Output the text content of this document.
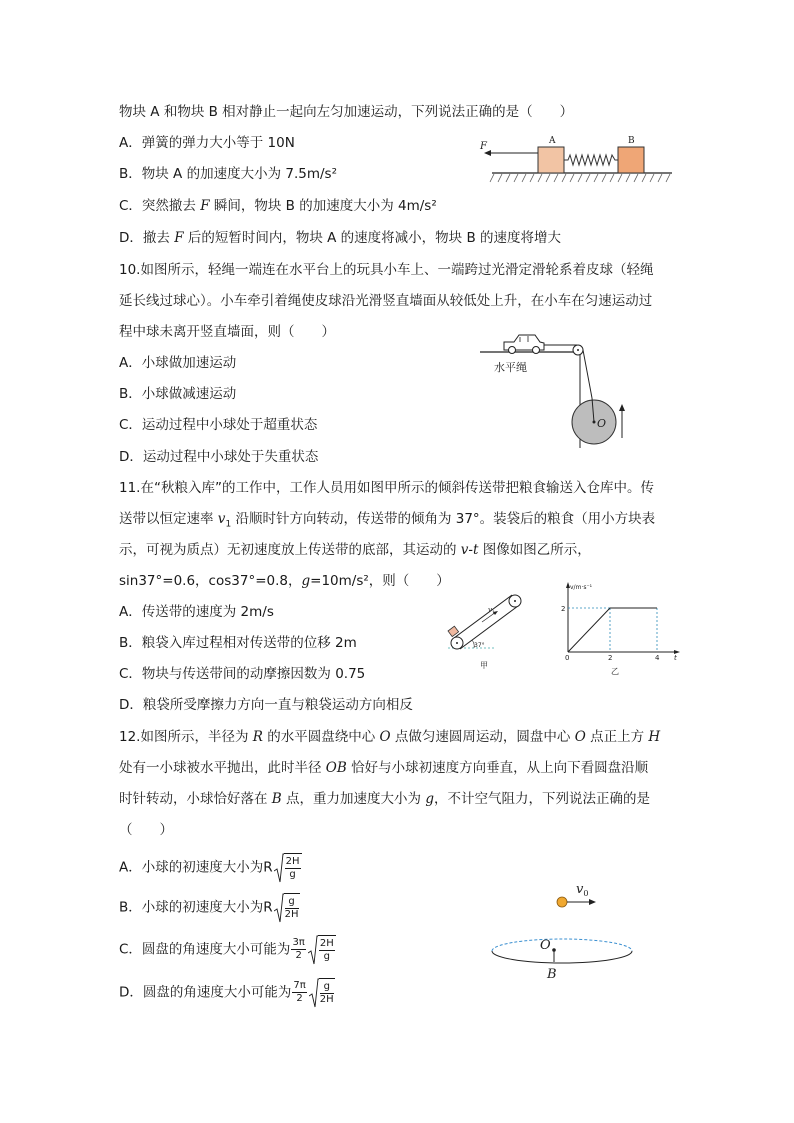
物块 A 和物块 B 相对静止一起向左匀加速运动，下列说法正确的是（　　）
A．弹簧的弹力大小等于 10N
B．物块 A 的加速度大小为 7.5m/s²
C．突然撤去 F 瞬间，物块 B 的加速度大小为 4m/s²
D．撤去 F 后的短暂时间内，物块 A 的速度将减小，物块 B 的速度将增大
A	B
F
10.如图所示，轻绳一端连在水平台上的玩具小车上、一端跨过光滑定滑轮系着皮球（轻绳
延长线过球心）。小车牵引着绳使皮球沿光滑竖直墙面从较低处上升，在小车在匀速运动过
程中球未离开竖直墙面，则（　　）
A．小球做加速运动
B．小球做减速运动
C．运动过程中小球处于超重状态
D．运动过程中小球处于失重状态
O
水平绳
11.在“秋粮入库”的工作中，工作人员用如图甲所示的倾斜传送带把粮食输送入仓库中。传
送带以恒定速率 $v_1$ 沿顺时针方向转动，传送带的倾角为 37°。装袋后的粮食（用小方块表
示，可视为质点）无初速度放上传送带的底部，其运动的 v-t 图像如图乙所示，
sin37°=0.6，cos37°=0.8，g=10m/s²，则（　　）
A．传送带的速度为 2m/s
B．粮袋入库过程相对传送带的位移 2m
C．物块与传送带间的动摩擦因数为 0.75
D．粮袋所受摩擦力方向一直与粮袋运动方向相反
37°
$v_1$
甲
v/m·s⁻¹
2
0	2	4 t
乙
12.如图所示，半径为 R 的水平圆盘绕中心 O 点做匀速圆周运动，圆盘中心 O 点正上方 H
处有一小球被水平抛出，此时半径 OB 恰好与小球初速度方向垂直，从上向下看圆盘沿顺
时针转动，小球恰好落在 B 点，重力加速度大小为 g，不计空气阻力，下列说法正确的是
（　　）
A．小球的初速度大小为R $\frac{2H}{g}$
B．小球的初速度大小为R $\frac{g}{2H}$
C．圆盘的角速度大小可能为 $\frac{3\pi}{2} \frac{2H}{g}$
D．圆盘的角速度大小可能为 $\frac{7\pi}{2} \frac{g}{2H}$
$v_0$
O
B
